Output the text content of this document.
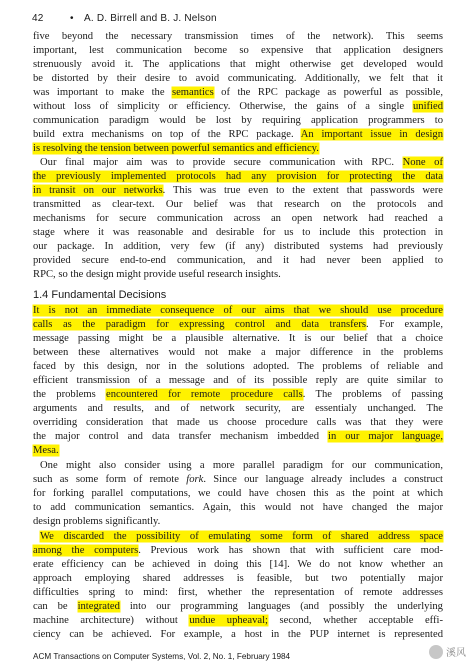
42	• A. D. Birrell and B. J. Nelson
five beyond the necessary transmission times of the network). This seems
important, lest communication become so expensive that application designers
strenuously avoid it. The applications that might otherwise get developed would
be distorted by their desire to avoid communicating. Additionally, we felt that it
was important to make the semantics of the RPC package as powerful as possible,
without loss of simplicity or efficiency. Otherwise, the gains of a single unified
communication paradigm would be lost by requiring application programmers to
build extra mechanisms on top of the RPC package. An important issue in design
is resolving the tension between powerful semantics and efficiency.
Our final major aim was to provide secure communication with RPC. None of
the previously implemented protocols had any provision for protecting the data
in transit on our networks. This was true even to the extent that passwords were
transmitted as clear-text. Our belief was that research on the protocols and
mechanisms for secure communication across an open network had reached a
stage where it was reasonable and desirable for us to include this protection in
our package. In addition, very few (if any) distributed systems had previously
provided secure end-to-end communication, and it had never been applied to
RPC, so the design might provide useful research insights.
1.4 Fundamental Decisions
It is not an immediate consequence of our aims that we should use procedure
calls as the paradigm for expressing control and data transfers. For example,
message passing might be a plausible alternative. It is our belief that a choice
between these alternatives would not make a major difference in the problems
faced by this design, nor in the solutions adopted. The problems of reliable and
efficient transmission of a message and of its possible reply are quite similar to
the problems encountered for remote procedure calls. The problems of passing
arguments and results, and of network security, are essentialy unchanged. The
overriding consideration that made us choose procedure calls was that they were
the major control and data transfer mechanism imbedded in our major language,
Mesa.
One might also consider using a more parallel paradigm for our communication,
such as some form of remote fork. Since our language already includes a construct
for forking parallel computations, we could have chosen this as the point at which
to add communication semantics. Again, this would not have changed the major
design problems significantly.
We discarded the possibility of emulating some form of shared address space
among the computers. Previous work has shown that with sufficient care mod-
erate efficiency can be achieved in doing this [14]. We do not know whether an
approach employing shared addresses is feasible, but two potentially major
difficulties spring to mind: first, whether the representation of remote addresses
can be integrated into our programming languages (and possibly the underlying
machine architecture) without undue upheaval; second, whether acceptable effi-
ciency can be achieved. For example, a host in the PUP internet is represented
ACM Transactions on Computer Systems, Vol. 2, No. 1, February 1984	溪风
